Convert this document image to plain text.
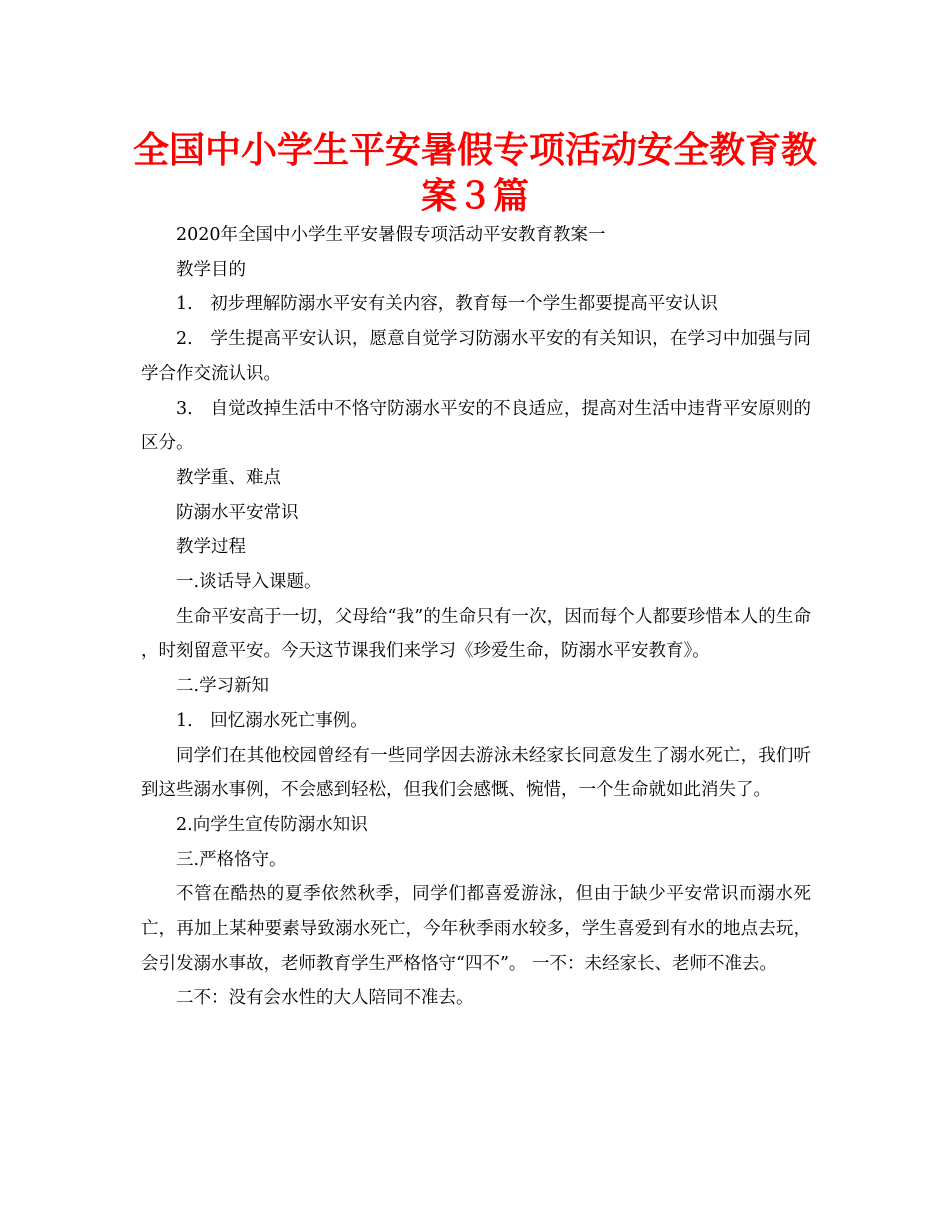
全国中小学生平安暑假专项活动安全教育教案３篇

2020年全国中小学生平安暑假专项活动平安教育教案一

教学目的

1.　初步理解防溺水平安有关内容，教育每一个学生都要提高平安认识

2.　学生提高平安认识，愿意自觉学习防溺水平安的有关知识，在学习中加强与同学合作交流认识。

3.　自觉改掉生活中不恪守防溺水平安的不良适应，提高对生活中违背平安原则的区分。

教学重、难点

防溺水平安常识

教学过程

一.谈话导入课题。

生命平安高于一切，父母给“我”的生命只有一次，因而每个人都要珍惜本人的生命 ，时刻留意平安。今天这节课我们来学习《珍爱生命，防溺水平安教育》。

二.学习新知

1.　回忆溺水死亡事例。

同学们在其他校园曾经有一些同学因去游泳未经家长同意发生了溺水死亡，我们听到这些溺水事例，不会感到轻松，但我们会感慨、惋惜，一个生命就如此消失了。

2.向学生宣传防溺水知识

三.严格恪守。

不管在酷热的夏季依然秋季，同学们都喜爱游泳，但由于缺少平安常识而溺水死亡，再加上某种要素导致溺水死亡，今年秋季雨水较多，学生喜爱到有水的地点去玩，会引发溺水事故，老师教育学生严格恪守“四不”。 一不：未经家长、老师不准去。

二不：没有会水性的大人陪同不准去。
